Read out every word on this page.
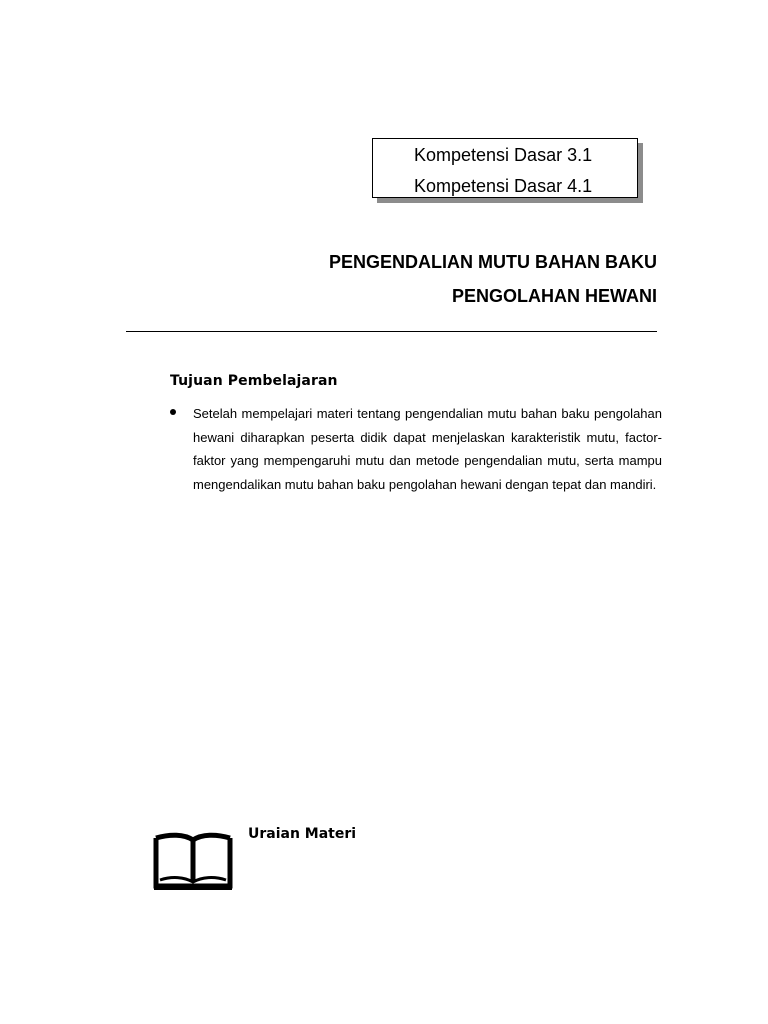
Kompetensi Dasar 3.1
Kompetensi Dasar 4.1
PENGENDALIAN MUTU BAHAN BAKU
PENGOLAHAN HEWANI
Tujuan Pembelajaran
Setelah mempelajari materi tentang pengendalian mutu bahan baku pengolahan hewani diharapkan peserta didik dapat menjelaskan karakteristik mutu, factor-faktor yang mempengaruhi mutu dan metode pengendalian mutu, serta mampu mengendalikan mutu bahan baku pengolahan hewani dengan tepat dan mandiri.
Uraian Materi
